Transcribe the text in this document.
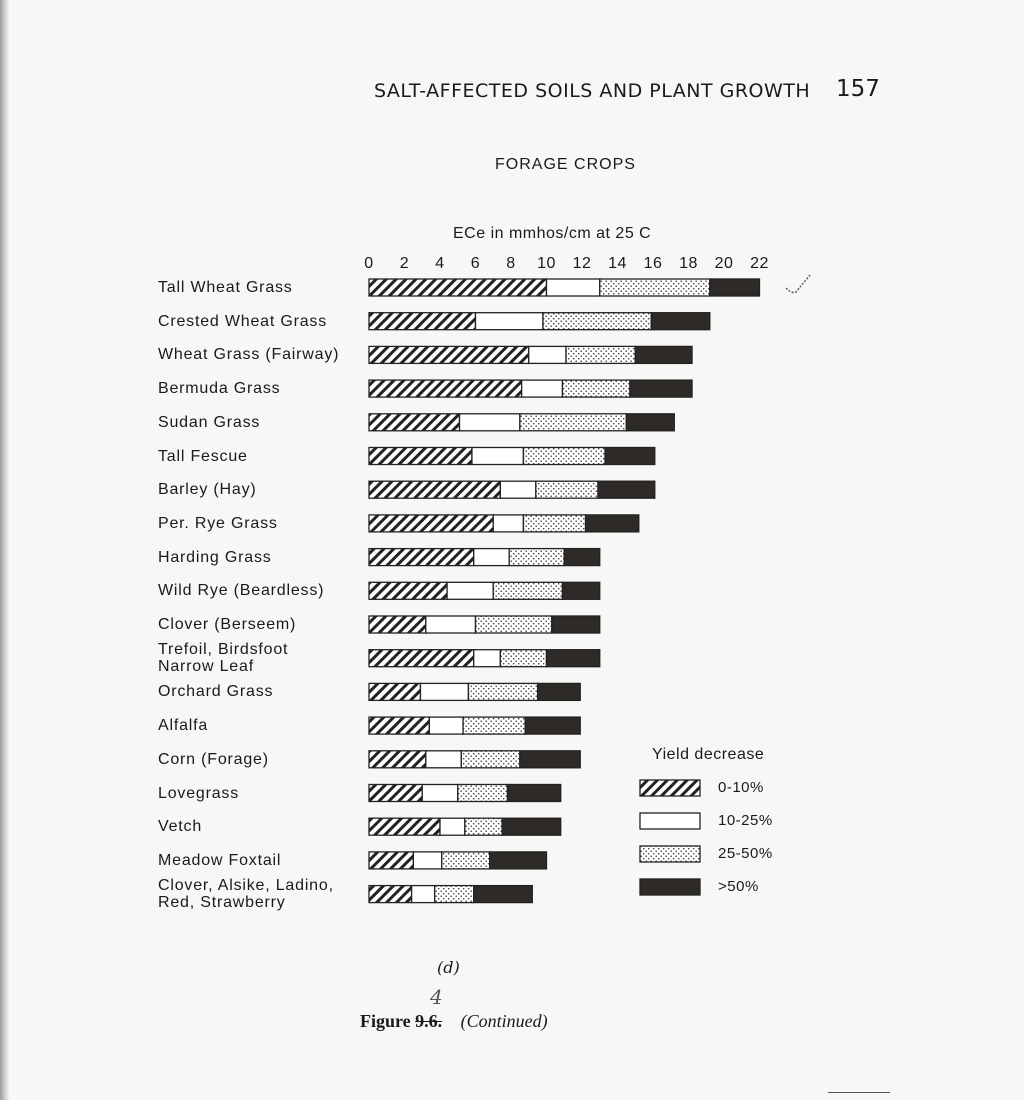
SALT-AFFECTED SOILS AND PLANT GROWTH 157
FORAGE CROPS
ECe in mmhos/cm at 25 C
0 2 4 6 8 10 12 14 16 18 20 22
Tall Wheat Grass
Crested Wheat Grass
Wheat Grass (Fairway)
Bermuda Grass
Sudan Grass
Tall Fescue
Barley (Hay)
Per. Rye Grass
Harding Grass
Wild Rye (Beardless)
Clover (Berseem)
Trefoil, Birdsfoot
Narrow Leaf
Orchard Grass
Alfalfa
Corn (Forage)
Lovegrass
Vetch
Meadow Foxtail
Clover, Alsike, Ladino,
Red, Strawberry
Yield decrease
0-10%
10-25%
25-50%
>50%
(d)
Figure 9.6.
4
(Continued)
